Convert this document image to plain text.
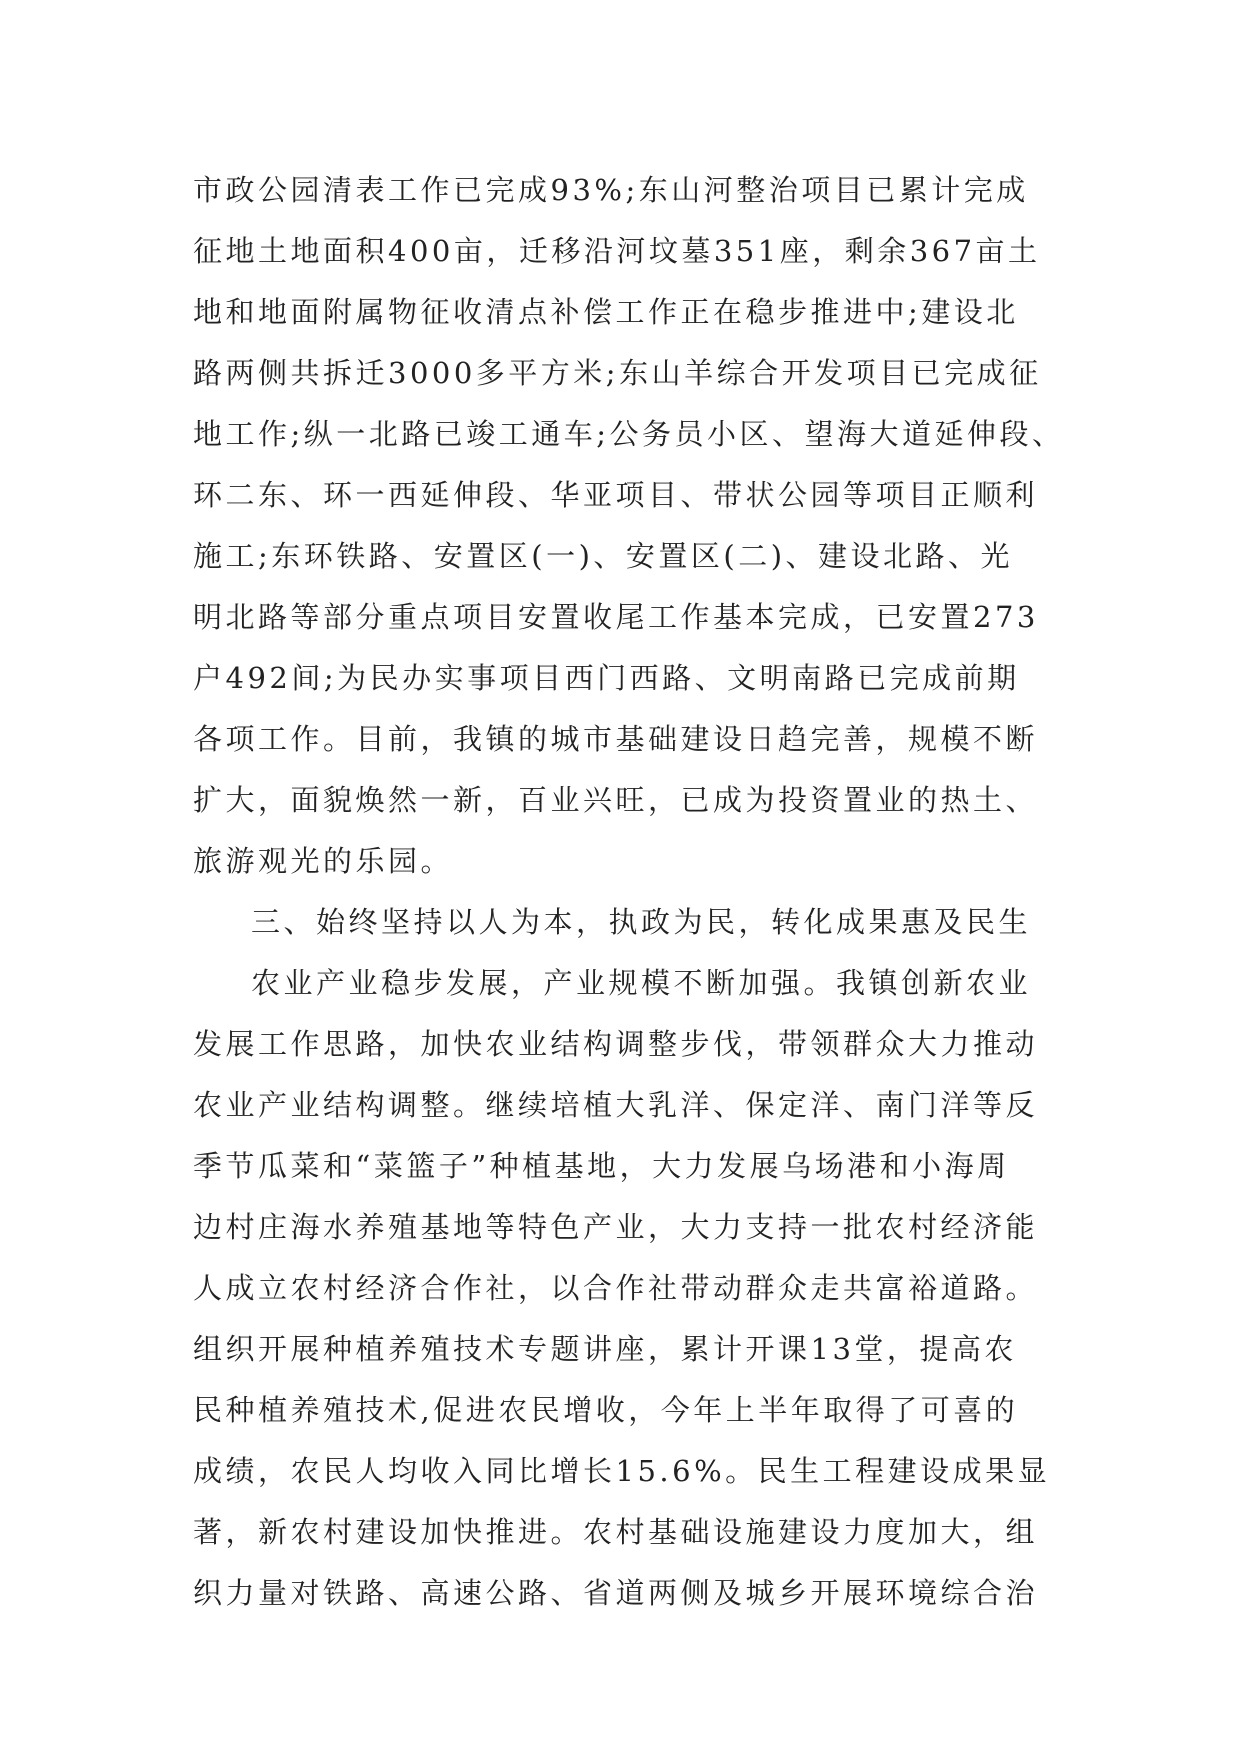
市政公园清表工作已完成93%;东山河整治项目已累计完成
征地土地面积400亩，迁移沿河坟墓351座，剩余367亩土
地和地面附属物征收清点补偿工作正在稳步推进中;建设北
路两侧共拆迁3000多平方米;东山羊综合开发项目已完成征
地工作;纵一北路已竣工通车;公务员小区、望海大道延伸段、
环二东、环一西延伸段、华亚项目、带状公园等项目正顺利
施工;东环铁路、安置区(一)、安置区(二)、建设北路、光
明北路等部分重点项目安置收尾工作基本完成，已安置273
户492间;为民办实事项目西门西路、文明南路已完成前期
各项工作。目前，我镇的城市基础建设日趋完善，规模不断
扩大，面貌焕然一新，百业兴旺，已成为投资置业的热土、
旅游观光的乐园。
三、始终坚持以人为本，执政为民，转化成果惠及民生
农业产业稳步发展，产业规模不断加强。我镇创新农业
发展工作思路，加快农业结构调整步伐，带领群众大力推动
农业产业结构调整。继续培植大乳洋、保定洋、南门洋等反
季节瓜菜和“菜篮子”种植基地，大力发展乌场港和小海周
边村庄海水养殖基地等特色产业，大力支持一批农村经济能
人成立农村经济合作社，以合作社带动群众走共富裕道路。
组织开展种植养殖技术专题讲座，累计开课13堂，提高农
民种植养殖技术,促进农民增收，今年上半年取得了可喜的
成绩，农民人均收入同比增长15.6%。民生工程建设成果显
著，新农村建设加快推进。农村基础设施建设力度加大，组
织力量对铁路、高速公路、省道两侧及城乡开展环境综合治
